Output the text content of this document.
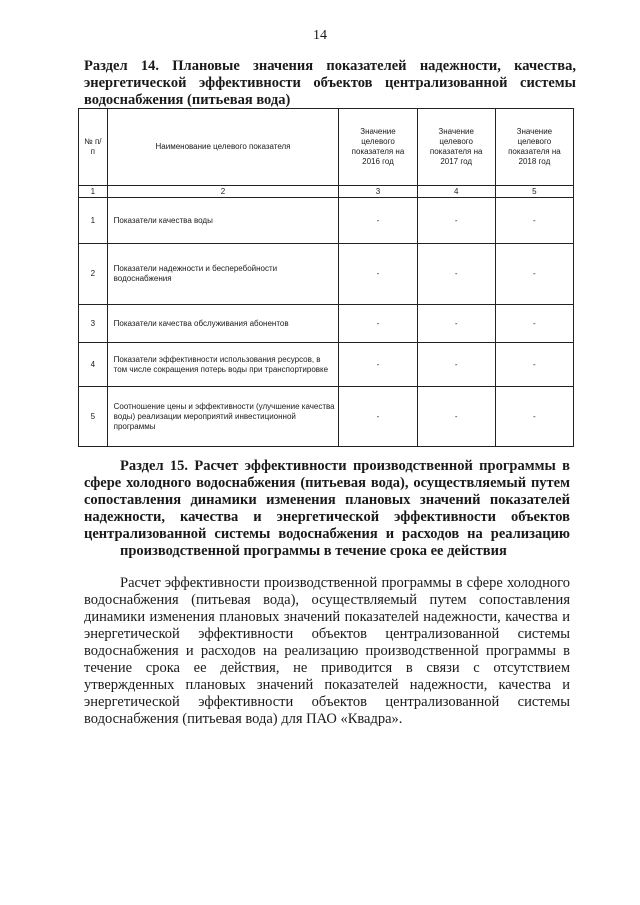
14
Раздел 14. Плановые значения показателей надежности, качества, энергетической эффективности объектов централизованной системы
водоснабжения (питьевая вода)
№ п/п	Наименование целевого показателя	Значение целевого показателя на 2016 год	Значение целевого показателя на 2017 год	Значение целевого показателя на 2018 год
1	2	3	4	5
1	Показатели качества воды	-	-	-
2	Показатели надежности и бесперебойности водоснабжения	-	-	-
3	Показатели качества обслуживания абонентов	-	-	-
4	Показатели эффективности использования ресурсов, в том числе сокращения потерь воды при транспортировке	-	-	-
5	Соотношение цены и эффективности (улучшение качества воды) реализации мероприятий инвестиционной программы	-	-	-
Раздел 15. Расчет эффективности производственной программы в сфере холодного водоснабжения (питьевая вода), осуществляемый путем сопоставления динамики изменения плановых значений показателей надежности, качества и энергетической эффективности объектов централизованной системы водоснабжения и расходов на реализацию
производственной программы в течение срока ее действия
Расчет эффективности производственной программы в сфере холодного водоснабжения (питьевая вода), осуществляемый путем сопоставления динамики изменения плановых значений показателей надежности, качества и энергетической эффективности объектов централизованной системы водоснабжения и расходов на реализацию производственной программы в течение срока ее действия, не приводится в связи с отсутствием утвержденных плановых значений показателей надежности, качества и энергетической эффективности объектов централизованной системы водоснабжения (питьевая вода) для ПАО «Квадра».
